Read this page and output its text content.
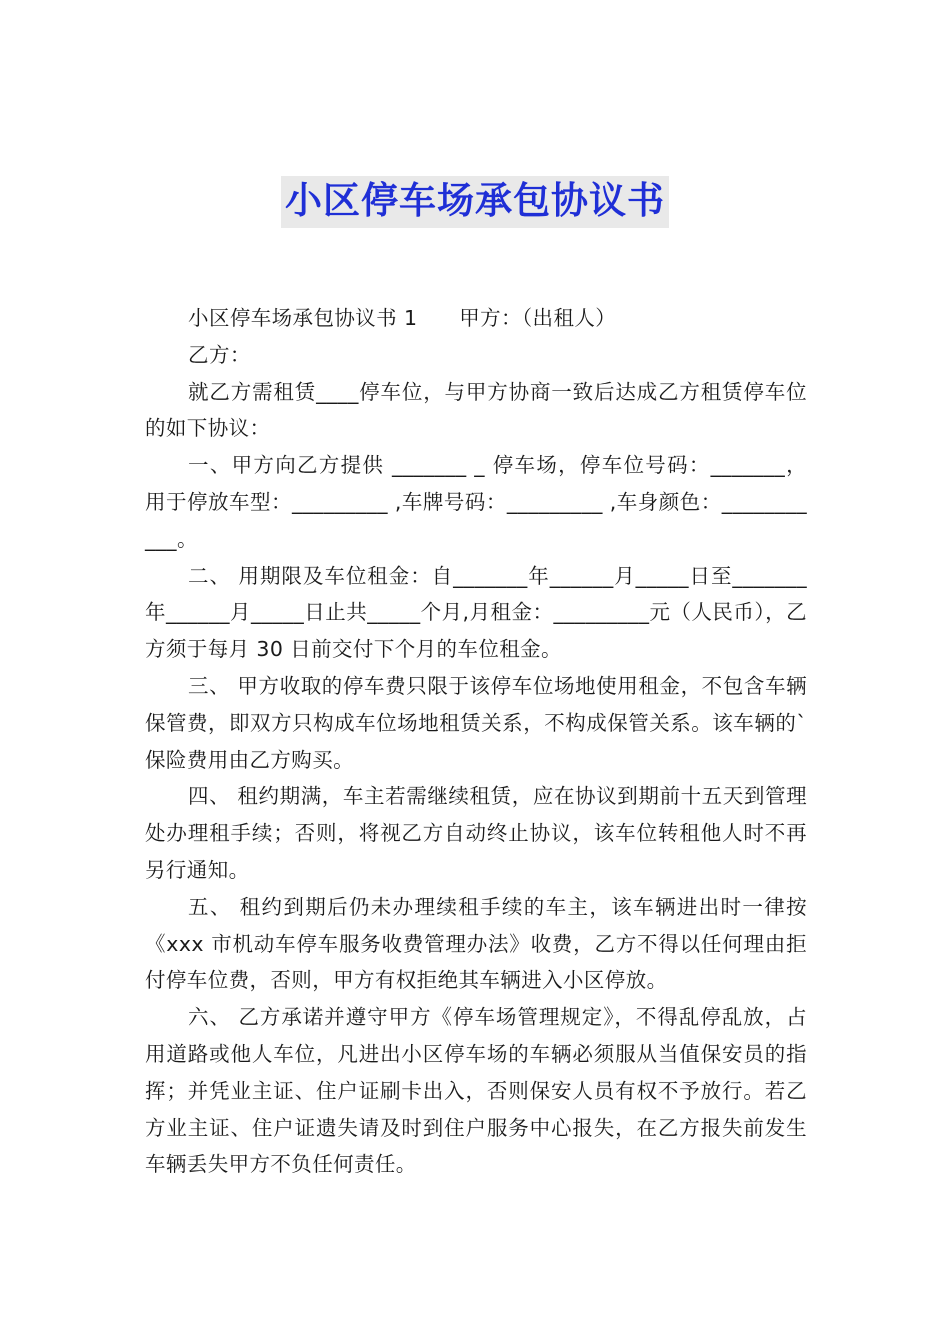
小区停车场承包协议书

小区停车场承包协议书 1　　甲方：（出租人）

乙方：

就乙方需租赁____停车位，与甲方协商一致后达成乙方租赁停车位的如下协议：

一、甲方向乙方提供 _______ _ 停车场，停车位号码：_______，用于停放车型：_________ ,车牌号码：_________ ,车身颜色：___________。

二、 用期限及车位租金：自_______年______月_____日至_______年______月_____日止共_____个月,月租金：_________元（人民币），乙方须于每月 30 日前交付下个月的车位租金。

三、 甲方收取的停车费只限于该停车位场地使用租金，不包含车辆保管费，即双方只构成车位场地租赁关系，不构成保管关系。该车辆的`保险费用由乙方购买。

四、 租约期满，车主若需继续租赁，应在协议到期前十五天到管理处办理租手续；否则，将视乙方自动终止协议，该车位转租他人时不再另行通知。

五、 租约到期后仍未办理续租手续的车主，该车辆进出时一律按《xxx 市机动车停车服务收费管理办法》收费，乙方不得以任何理由拒付停车位费，否则，甲方有权拒绝其车辆进入小区停放。

六、 乙方承诺并遵守甲方《停车场管理规定》，不得乱停乱放，占用道路或他人车位，凡进出小区停车场的车辆必须服从当值保安员的指挥；并凭业主证、住户证刷卡出入，否则保安人员有权不予放行。若乙方业主证、住户证遗失请及时到住户服务中心报失，在乙方报失前发生车辆丢失甲方不负任何责任。
